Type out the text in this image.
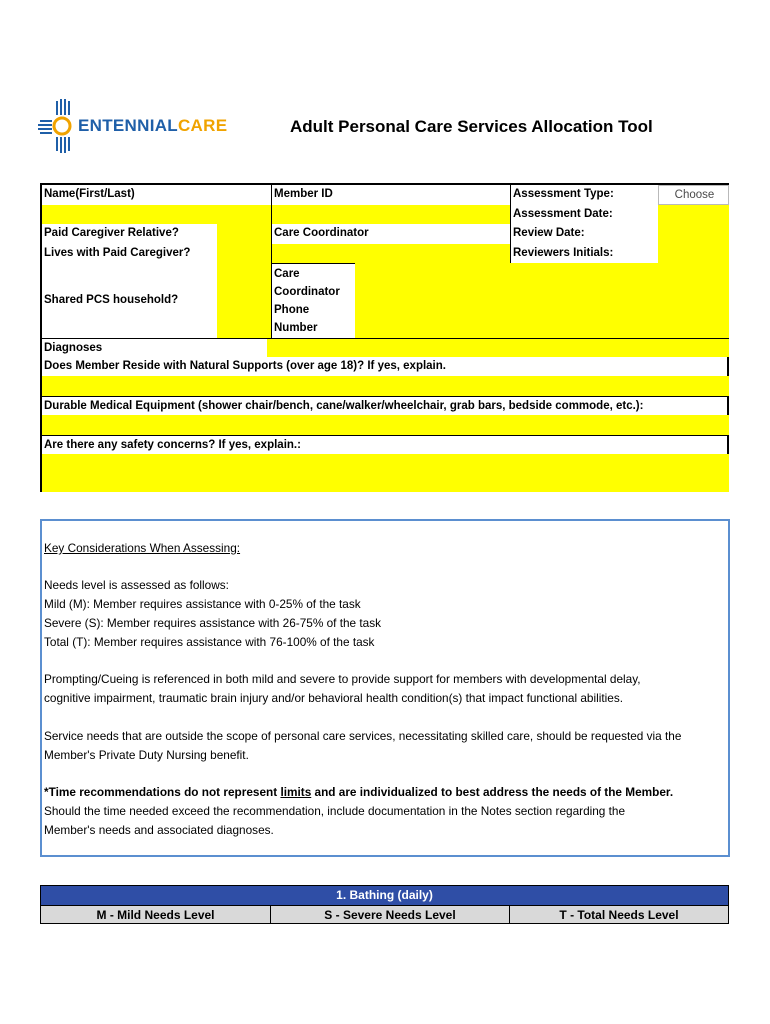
ENTENNIALCARE	Adult Personal Care Services Allocation Tool
Name(First/Last)	Member ID	Assessment Type:	Choose
Assessment Date:
Paid Caregiver Relative?	Care Coordinator	Review Date:
Lives with Paid Caregiver?	Reviewers Initials:
Shared PCS household?
Care
Coordinator
Phone
Number
Diagnoses
Does Member Reside with Natural Supports (over age 18)? If yes, explain.
Durable Medical Equipment (shower chair/bench, cane/walker/wheelchair, grab bars, bedside commode, etc.):
Are there any safety concerns? If yes, explain.:
Key Considerations When Assessing:
Needs level is assessed as follows:
Mild (M): Member requires assistance with 0-25% of the task
Severe (S): Member requires assistance with 26-75% of the task
Total (T): Member requires assistance with 76-100% of the task
Prompting/Cueing is referenced in both mild and severe to provide support for members with developmental delay,
cognitive impairment, traumatic brain injury and/or behavioral health condition(s) that impact functional abilities.
Service needs that are outside the scope of personal care services, necessitating skilled care, should be requested via the
Member's Private Duty Nursing benefit.
*Time recommendations do not represent limits and are individualized to best address the needs of the Member.
Should the time needed exceed the recommendation, include documentation in the Notes section regarding the
Member's needs and associated diagnoses.
1. Bathing (daily)
M - Mild Needs Level	S - Severe Needs Level	T - Total Needs Level
